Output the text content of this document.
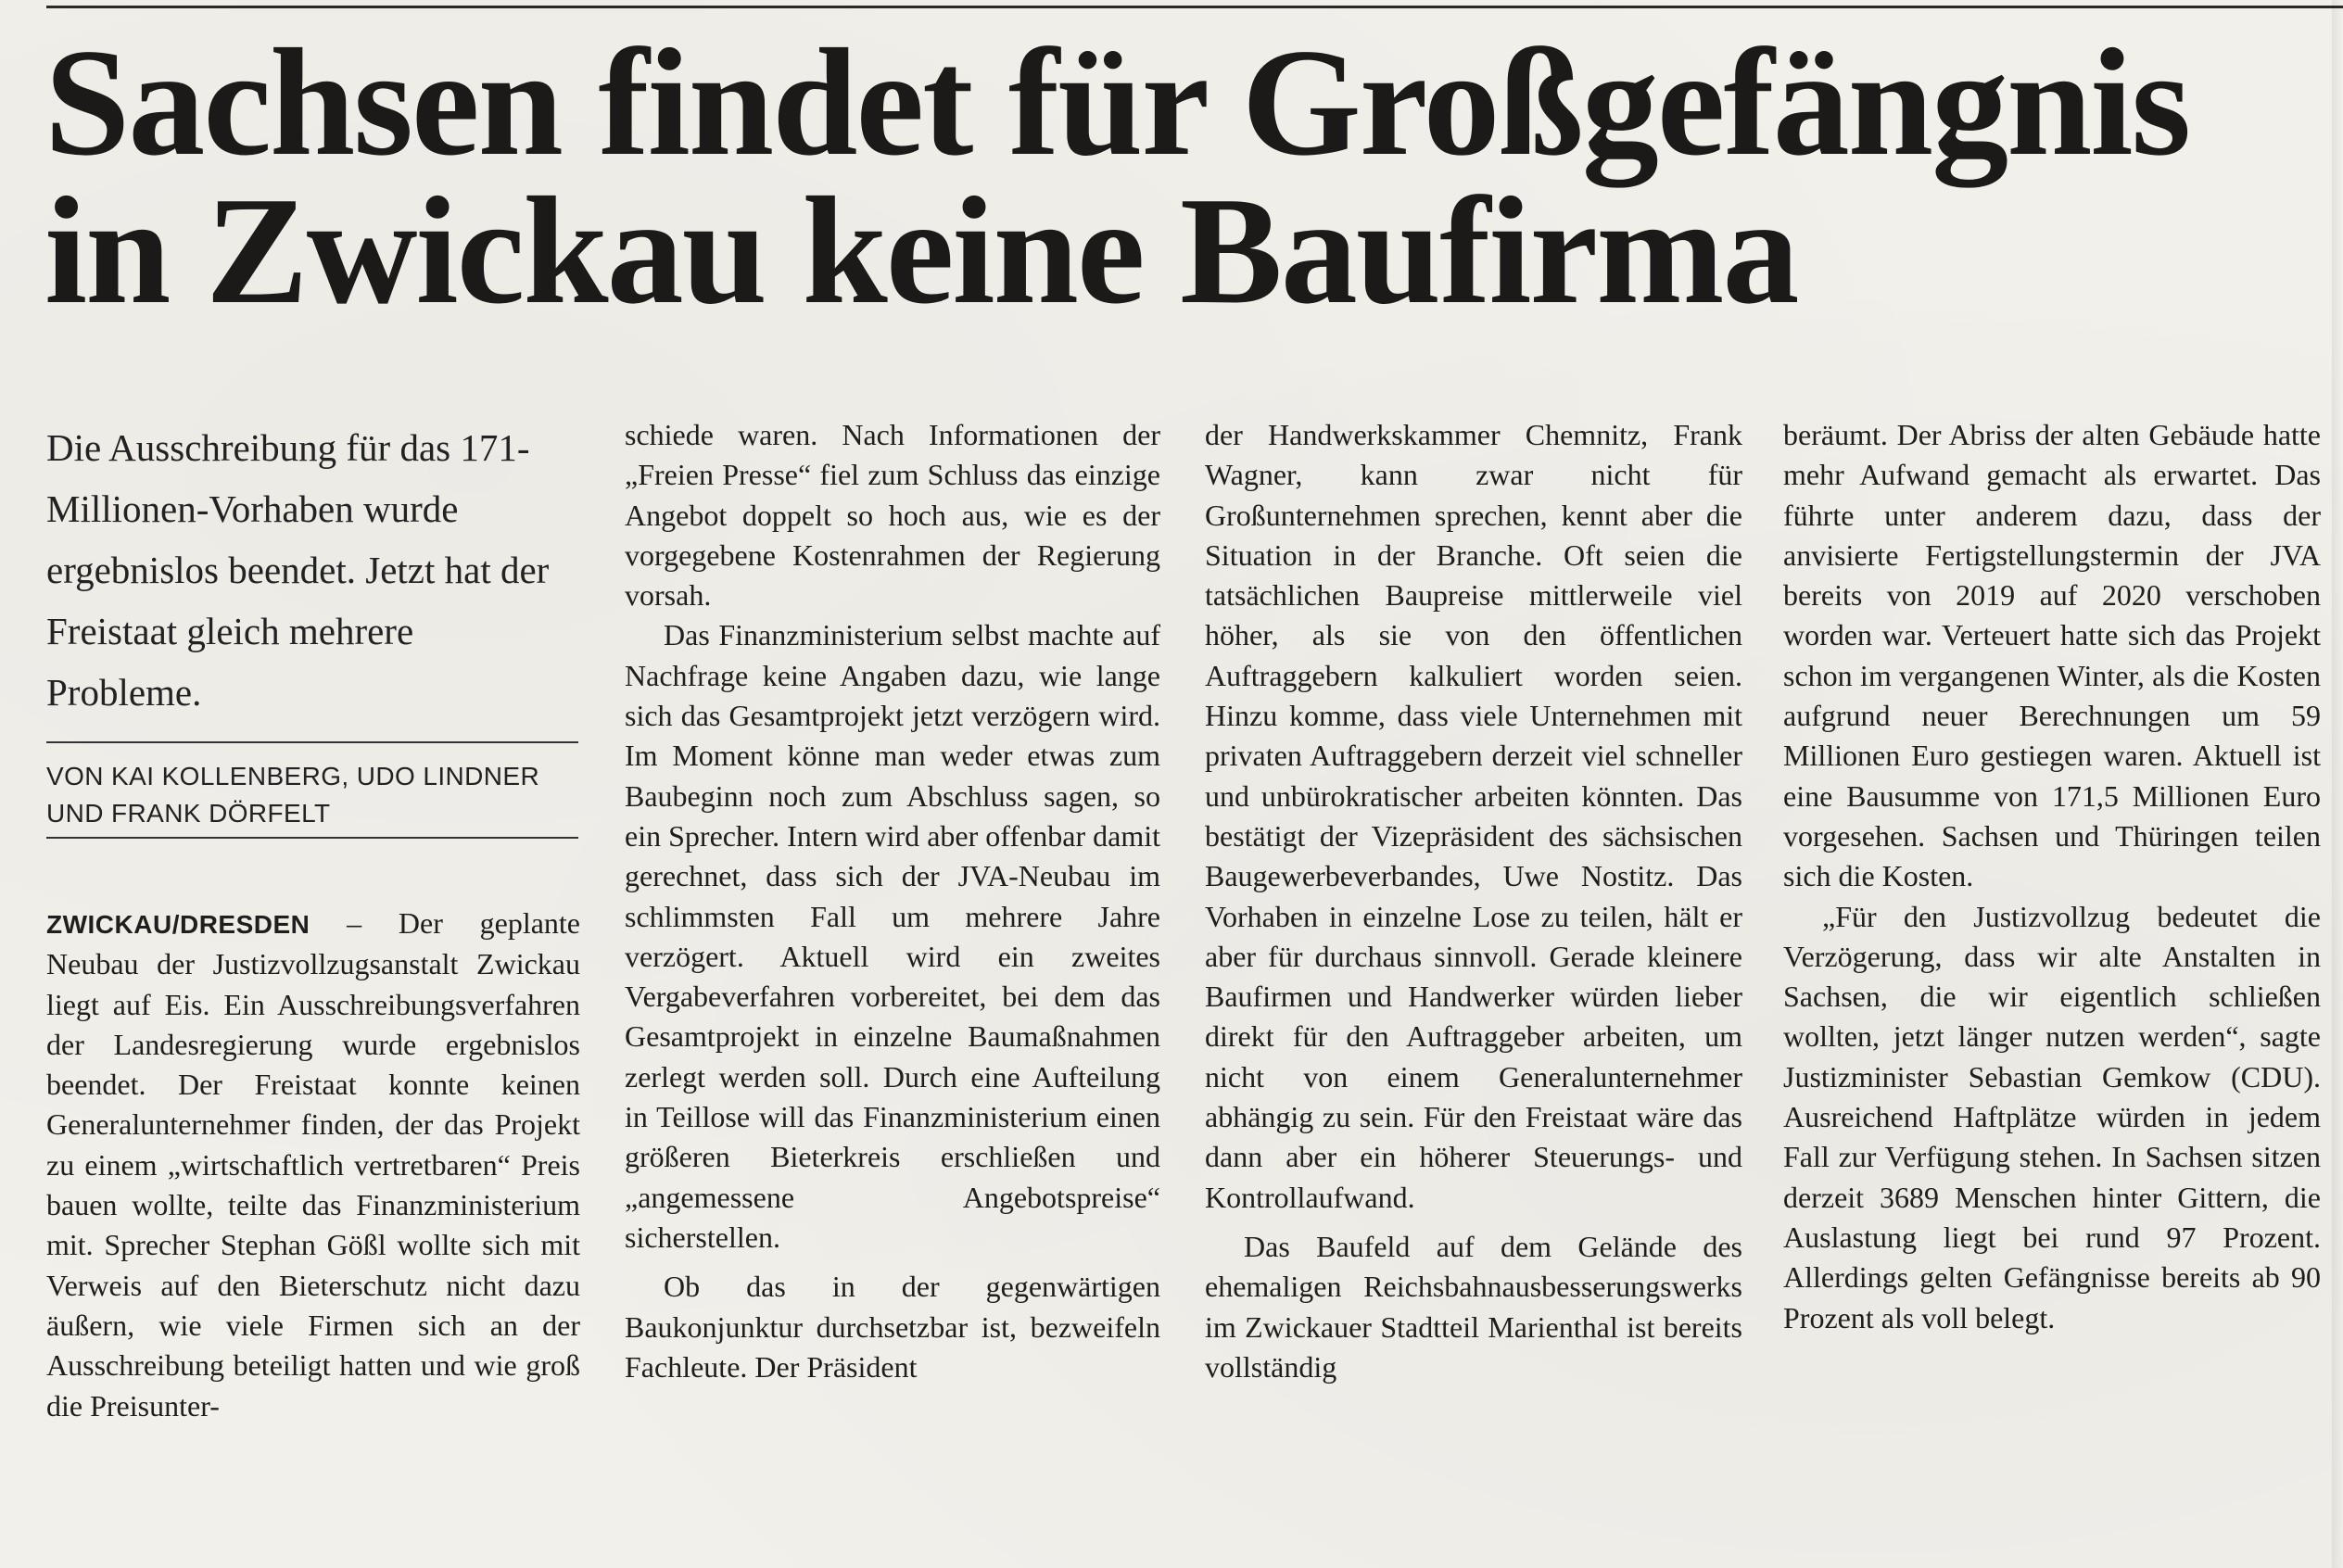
Sachsen findet für Großgefängnis
in Zwickau keine Baufirma

Die Ausschreibung für das 171-Millionen-Vorhaben wurde ergebnislos beendet. Jetzt hat der Freistaat gleich mehrere Probleme.

VON KAI KOLLENBERG, UDO LINDNER
UND FRANK DÖRFELT

ZWICKAU/DRESDEN – Der geplante Neubau der Justizvollzugsanstalt Zwickau liegt auf Eis. Ein Ausschreibungsverfahren der Landesregierung wurde ergebnislos beendet. Der Freistaat konnte keinen Generalunternehmer finden, der das Projekt zu einem „wirtschaftlich vertretbaren“ Preis bauen wollte, teilte das Finanzministerium mit. Sprecher Stephan Gößl wollte sich mit Verweis auf den Bieterschutz nicht dazu äußern, wie viele Firmen sich an der Ausschreibung beteiligt hatten und wie groß die Preisunter-

schiede waren. Nach Informationen der „Freien Presse“ fiel zum Schluss das einzige Angebot doppelt so hoch aus, wie es der vorgegebene Kostenrahmen der Regierung vorsah.

Das Finanzministerium selbst machte auf Nachfrage keine Angaben dazu, wie lange sich das Gesamtprojekt jetzt verzögern wird. Im Moment könne man weder etwas zum Baubeginn noch zum Abschluss sagen, so ein Sprecher. Intern wird aber offenbar damit gerechnet, dass sich der JVA-Neubau im schlimmsten Fall um mehrere Jahre verzögert. Aktuell wird ein zweites Vergabeverfahren vorbereitet, bei dem das Gesamtprojekt in einzelne Baumaßnahmen zerlegt werden soll. Durch eine Aufteilung in Teillose will das Finanzministerium einen größeren Bieterkreis erschließen und „angemessene Angebotspreise“ sicherstellen.

Ob das in der gegenwärtigen Baukonjunktur durchsetzbar ist, bezweifeln Fachleute. Der Präsident

der Handwerkskammer Chemnitz, Frank Wagner, kann zwar nicht für Großunternehmen sprechen, kennt aber die Situation in der Branche. Oft seien die tatsächlichen Baupreise mittlerweile viel höher, als sie von den öffentlichen Auftraggebern kalkuliert worden seien. Hinzu komme, dass viele Unternehmen mit privaten Auftraggebern derzeit viel schneller und unbürokratischer arbeiten könnten. Das bestätigt der Vizepräsident des sächsischen Baugewerbeverbandes, Uwe Nostitz. Das Vorhaben in einzelne Lose zu teilen, hält er aber für durchaus sinnvoll. Gerade kleinere Baufirmen und Handwerker würden lieber direkt für den Auftraggeber arbeiten, um nicht von einem Generalunternehmer abhängig zu sein. Für den Freistaat wäre das dann aber ein höherer Steuerungs- und Kontrollaufwand.

Das Baufeld auf dem Gelände des ehemaligen Reichsbahnausbesserungswerks im Zwickauer Stadtteil Marienthal ist bereits vollständig

beräumt. Der Abriss der alten Gebäude hatte mehr Aufwand gemacht als erwartet. Das führte unter anderem dazu, dass der anvisierte Fertigstellungstermin der JVA bereits von 2019 auf 2020 verschoben worden war. Verteuert hatte sich das Projekt schon im vergangenen Winter, als die Kosten aufgrund neuer Berechnungen um 59 Millionen Euro gestiegen waren. Aktuell ist eine Bausumme von 171,5 Millionen Euro vorgesehen. Sachsen und Thüringen teilen sich die Kosten.

„Für den Justizvollzug bedeutet die Verzögerung, dass wir alte Anstalten in Sachsen, die wir eigentlich schließen wollten, jetzt länger nutzen werden“, sagte Justizminister Sebastian Gemkow (CDU). Ausreichend Haftplätze würden in jedem Fall zur Verfügung stehen. In Sachsen sitzen derzeit 3689 Menschen hinter Gittern, die Auslastung liegt bei rund 97 Prozent. Allerdings gelten Gefängnisse bereits ab 90 Prozent als voll belegt.
